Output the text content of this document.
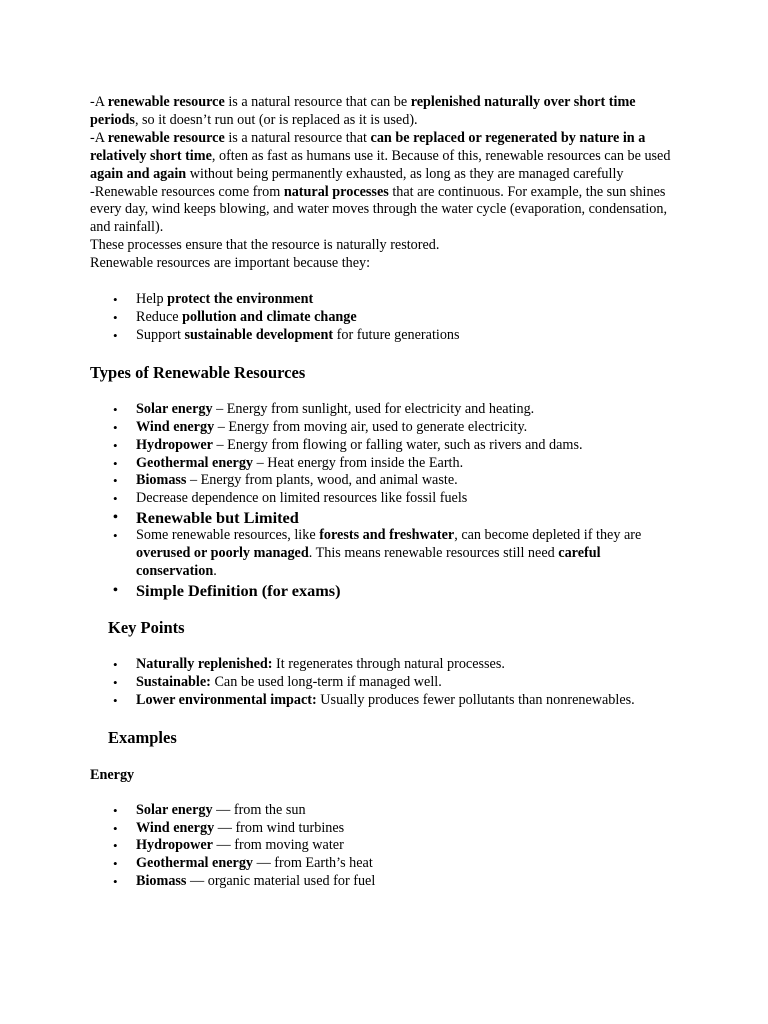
-A renewable resource is a natural resource that can be replenished naturally over short time periods, so it doesn’t run out (or is replaced as it is used).

-A renewable resource is a natural resource that can be replaced or regenerated by nature in a relatively short time, often as fast as humans use it. Because of this, renewable resources can be used again and again without being permanently exhausted, as long as they are managed carefully

-Renewable resources come from natural processes that are continuous. For example, the sun shines every day, wind keeps blowing, and water moves through the water cycle (evaporation, condensation, and rainfall).

These processes ensure that the resource is naturally restored.

Renewable resources are important because they:

• Help protect the environment
• Reduce pollution and climate change
• Support sustainable development for future generations
Types of Renewable Resources
• Solar energy – Energy from sunlight, used for electricity and heating.
• Wind energy – Energy from moving air, used to generate electricity.
• Hydropower – Energy from flowing or falling water, such as rivers and dams.
• Geothermal energy – Heat energy from inside the Earth.
• Biomass – Energy from plants, wood, and animal waste.
• Decrease dependence on limited resources like fossil fuels
• Renewable but Limited
• Some renewable resources, like forests and freshwater, can become depleted if they are overused or poorly managed. This means renewable resources still need careful conservation.
• Simple Definition (for exams)
Key Points
• Naturally replenished: It regenerates through natural processes.
• Sustainable: Can be used long-term if managed well.
• Lower environmental impact: Usually produces fewer pollutants than nonrenewables.
Examples
Energy
• Solar energy — from the sun
• Wind energy — from wind turbines
• Hydropower — from moving water
• Geothermal energy — from Earth’s heat
• Biomass — organic material used for fuel
